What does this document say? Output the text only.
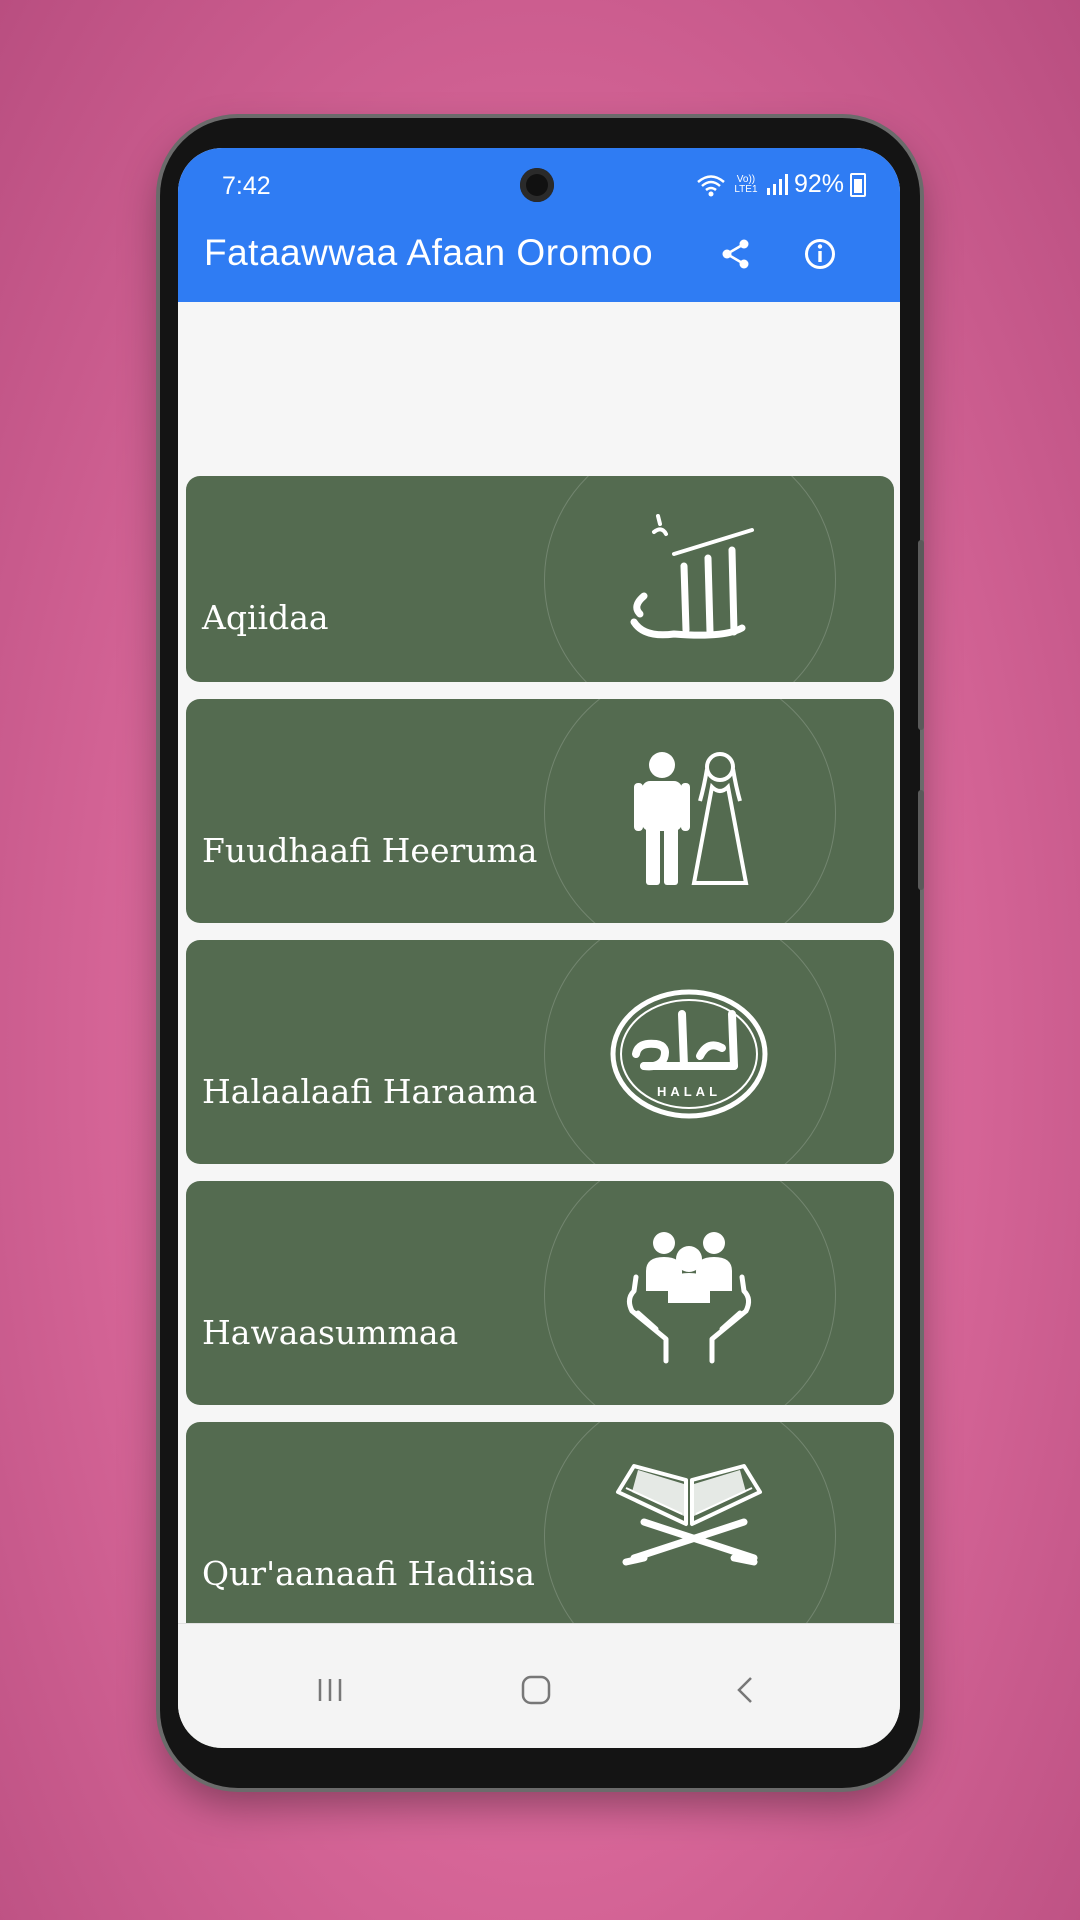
7:42	Vo)) LTE1 92%
Fataawwaa Afaan Oromoo
Aqiidaa
Fuudhaafi Heeruma
Halaalaafi Haraama	HALAL
Hawaasummaa
Qur'aanaafi Hadiisa
